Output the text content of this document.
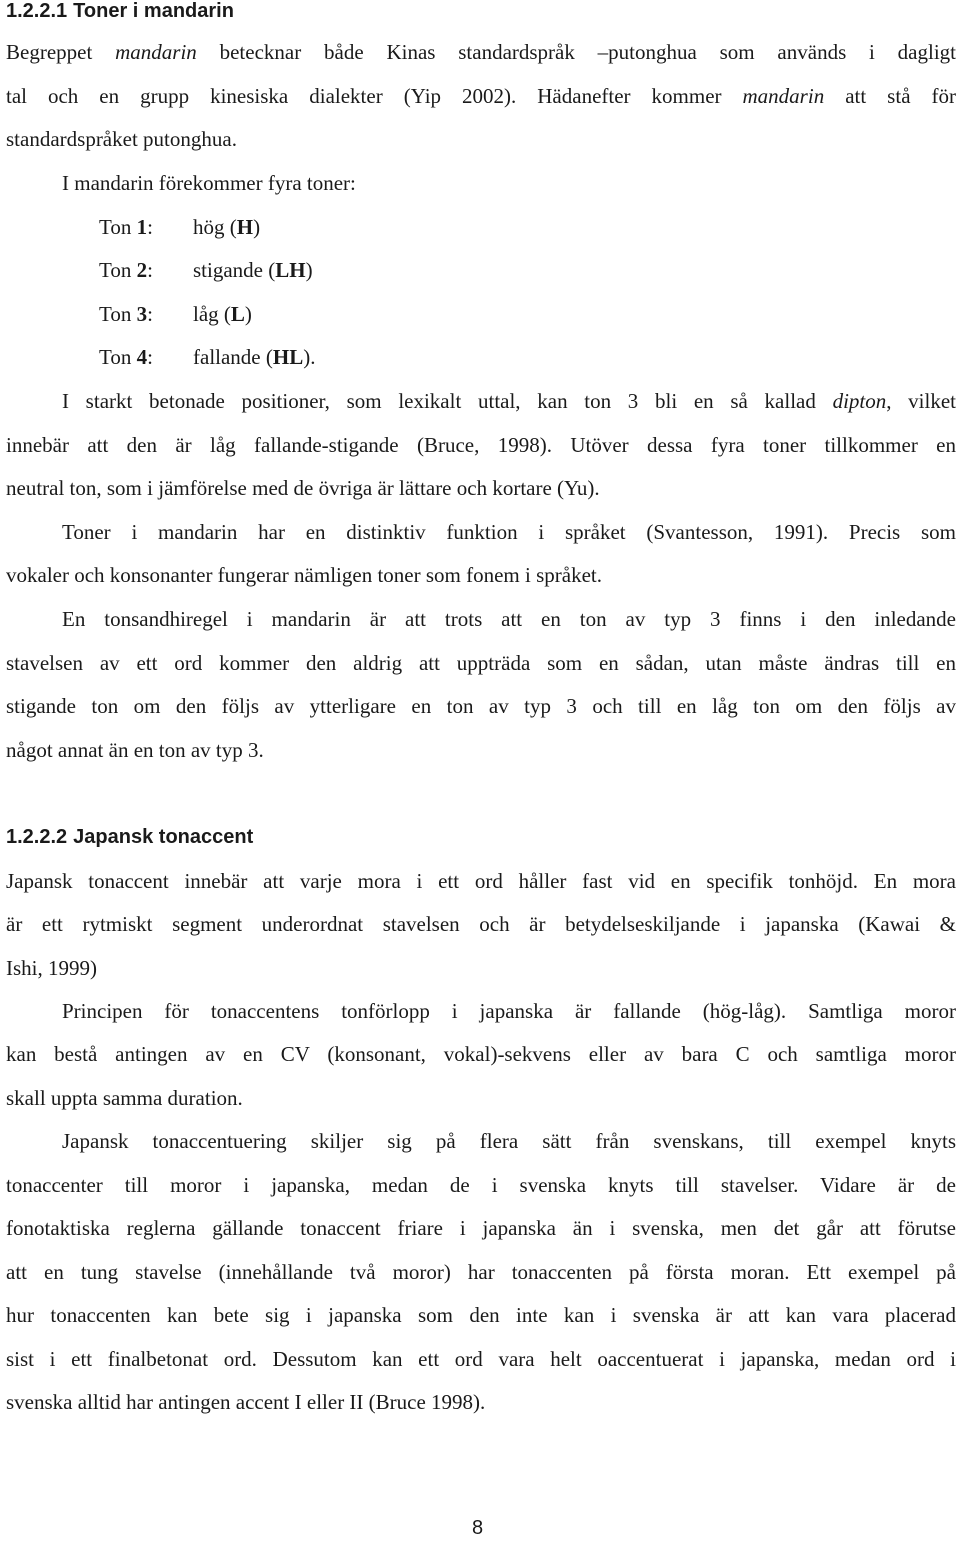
1.2.2.1 Toner i mandarin

Begreppet mandarin betecknar både Kinas standardspråk –putonghua som används i dagligt

tal och en grupp kinesiska dialekter (Yip 2002). Hädanefter kommer mandarin att stå för

standardspråket putonghua.

I mandarin förekommer fyra toner:

Ton 1: hög (H)
Ton 2: stigande (LH)
Ton 3: låg (L)
Ton 4: fallande (HL).

I starkt betonade positioner, som lexikalt uttal, kan ton 3 bli en så kallad dipton, vilket

innebär att den är låg fallande-stigande (Bruce, 1998). Utöver dessa fyra toner tillkommer en

neutral ton, som i jämförelse med de övriga är lättare och kortare (Yu).

Toner i mandarin har en distinktiv funktion i språket (Svantesson, 1991). Precis som

vokaler och konsonanter fungerar nämligen toner som fonem i språket.

En tonsandhiregel i mandarin är att trots att en ton av typ 3 finns i den inledande

stavelsen av ett ord kommer den aldrig att uppträda som en sådan, utan måste ändras till en

stigande ton om den följs av ytterligare en ton av typ 3 och till en låg ton om den följs av

något annat än en ton av typ 3.

1.2.2.2 Japansk tonaccent

Japansk tonaccent innebär att varje mora i ett ord håller fast vid en specifik tonhöjd. En mora

är ett rytmiskt segment underordnat stavelsen och är betydelseskiljande i japanska (Kawai &

Ishi, 1999)

Principen för tonaccentens tonförlopp i japanska är fallande (hög-låg). Samtliga moror

kan bestå antingen av en CV (konsonant, vokal)-sekvens eller av bara C och samtliga moror

skall uppta samma duration.

Japansk tonaccentuering skiljer sig på flera sätt från svenskans, till exempel knyts

tonaccenter till moror i japanska, medan de i svenska knyts till stavelser. Vidare är de

fonotaktiska reglerna gällande tonaccent friare i japanska än i svenska, men det går att förutse

att en tung stavelse (innehållande två moror) har tonaccenten på första moran. Ett exempel på

hur tonaccenten kan bete sig i japanska som den inte kan i svenska är att kan vara placerad

sist i ett finalbetonat ord. Dessutom kan ett ord vara helt oaccentuerat i japanska, medan ord i

svenska alltid har antingen accent I eller II (Bruce 1998).

8
